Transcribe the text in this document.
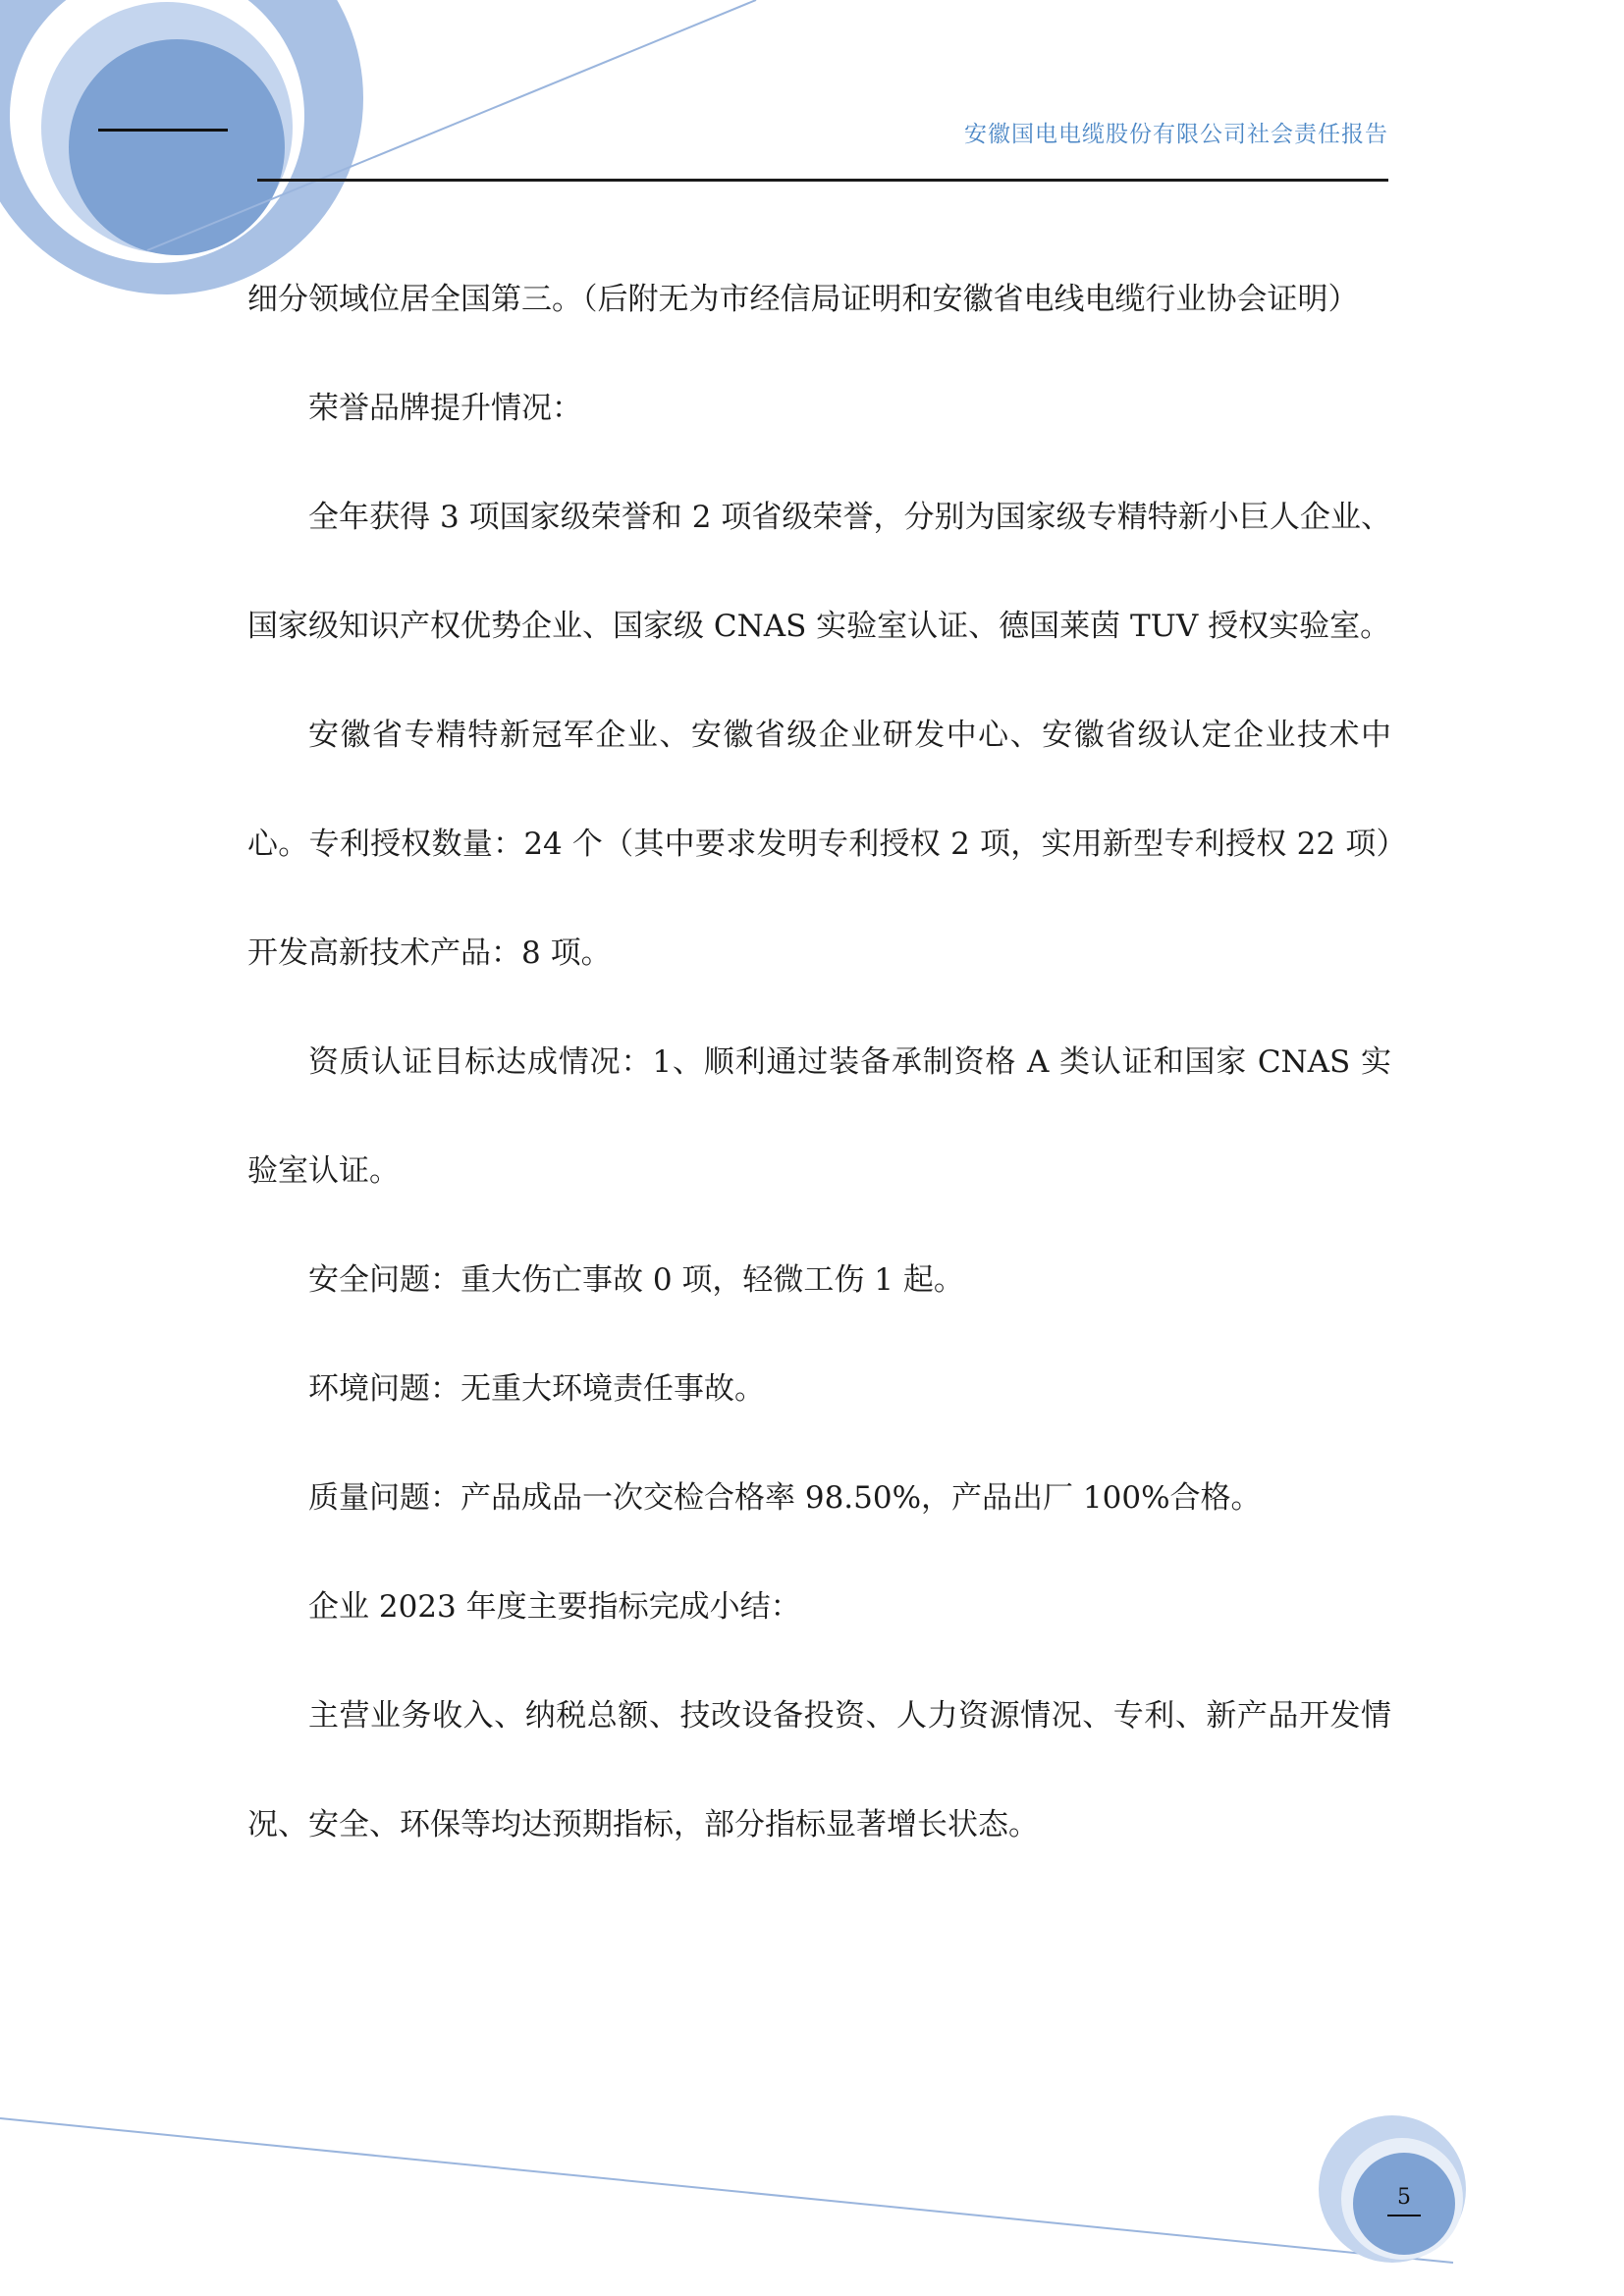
安徽国电电缆股份有限公司社会责任报告

细分领域位居全国第三。（后附无为市经信局证明和安徽省电线电缆行业协会证明）

荣誉品牌提升情况：

全年获得 3 项国家级荣誉和 2 项省级荣誉，分别为国家级专精特新小巨人企业、国家级知识产权优势企业、国家级 CNAS 实验室认证、德国莱茵 TUV 授权实验室。

安徽省专精特新冠军企业、安徽省级企业研发中心、安徽省级认定企业技术中心。专利授权数量：24 个（其中要求发明专利授权 2 项，实用新型专利授权 22 项）开发高新技术产品：8 项。

资质认证目标达成情况：1、顺利通过装备承制资格 A 类认证和国家 CNAS 实验室认证。

安全问题：重大伤亡事故 0 项，轻微工伤 1 起。

环境问题：无重大环境责任事故。

质量问题：产品成品一次交检合格率 98.50%，产品出厂 100%合格。

企业 2023 年度主要指标完成小结：

主营业务收入、纳税总额、技改设备投资、人力资源情况、专利、新产品开发情况、安全、环保等均达预期指标，部分指标显著增长状态。

5
